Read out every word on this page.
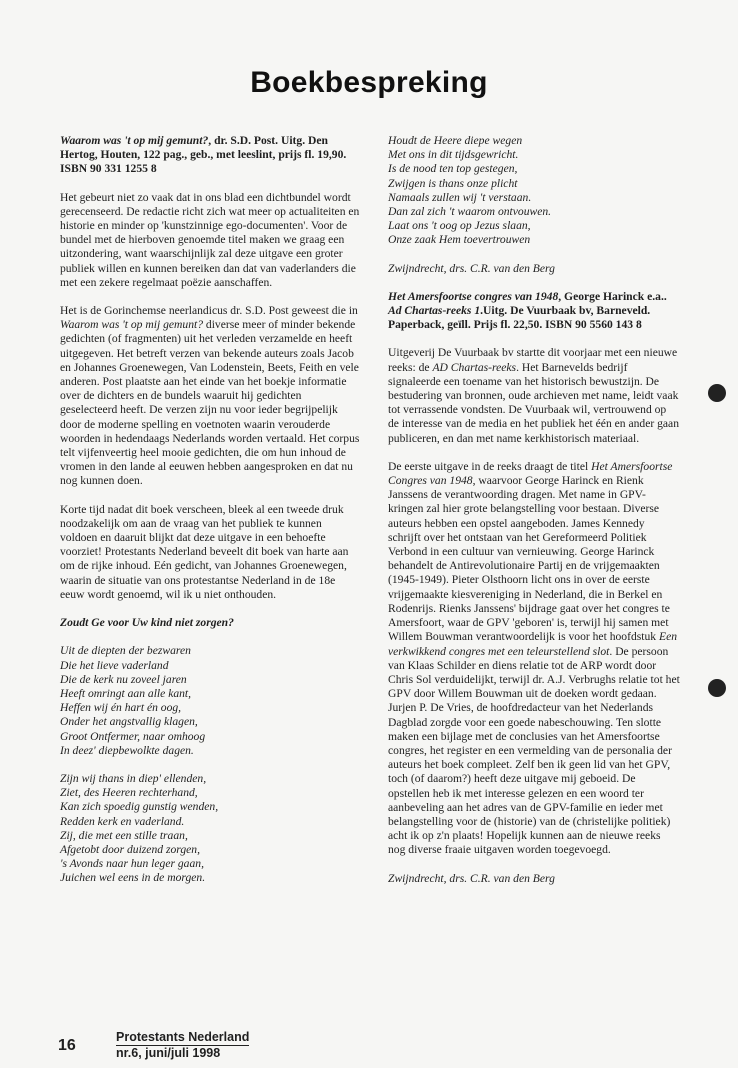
Boekbespreking

Waarom was 't op mij gemunt?, dr. S.D. Post. Uitg. Den Hertog, Houten, 122 pag., geb., met leeslint, prijs fl. 19,90. ISBN 90 331 1255 8

Het gebeurt niet zo vaak dat in ons blad een dichtbundel wordt gerecenseerd. De redactie richt zich wat meer op actualiteiten en historie en minder op 'kunstzinnige ego-documenten'. Voor de bundel met de hierboven genoemde titel maken we graag een uitzondering, want waarschijnlijk zal deze uitgave een groter publiek willen en kunnen bereiken dan dat van vaderlanders die met een zekere regelmaat poëzie aanschaffen.

Het is de Gorinchemse neerlandicus dr. S.D. Post geweest die in Waarom was 't op mij gemunt? diverse meer of minder bekende gedichten (of fragmenten) uit het verleden verzamelde en heeft uitgegeven. Het betreft verzen van bekende auteurs zoals Jacob en Johannes Groenewegen, Van Lodenstein, Beets, Feith en vele anderen. Post plaatste aan het einde van het boekje informatie over de dichters en de bundels waaruit hij gedichten geselecteerd heeft. De verzen zijn nu voor ieder begrijpelijk door de moderne spelling en voetnoten waarin verouderde woorden in hedendaags Nederlands worden vertaald. Het corpus telt vijfenveertig heel mooie gedichten, die om hun inhoud de vromen in den lande al eeuwen hebben aangesproken en dat nu nog kunnen doen.

Korte tijd nadat dit boek verscheen, bleek al een tweede druk noodzakelijk om aan de vraag van het publiek te kunnen voldoen en daaruit blijkt dat deze uitgave in een behoefte voorziet! Protestants Nederland beveelt dit boek van harte aan om de rijke inhoud. Eén gedicht, van Johannes Groenewegen, waarin de situatie van ons protestantse Nederland in de 18e eeuw wordt genoemd, wil ik u niet onthouden.

Zoudt Ge voor Uw kind niet zorgen?

Uit de diepten der bezwaren
Die het lieve vaderland
Die de kerk nu zoveel jaren
Heeft omringt aan alle kant,
Heffen wij én hart én oog,
Onder het angstvallig klagen,
Groot Ontfermer, naar omhoog
In deez' diepbewolkte dagen.
Zijn wij thans in diep' ellenden,
Ziet, des Heeren rechterhand,
Kan zich spoedig gunstig wenden,
Redden kerk en vaderland.
Zij, die met een stille traan,
Afgetobt door duizend zorgen,
's Avonds naar hun leger gaan,
Juichen wel eens in de morgen.
Houdt de Heere diepe wegen
Met ons in dit tijdsgewricht.
Is de nood ten top gestegen,
Zwijgen is thans onze plicht
Namaals zullen wij 't verstaan.
Dan zal zich 't waarom ontvouwen.
Laat ons 't oog op Jezus slaan,
Onze zaak Hem toevertrouwen

Zwijndrecht, drs. C.R. van den Berg

Het Amersfoortse congres van 1948, George Harinck e.a.. Ad Chartas-reeks 1.Uitg. De Vuurbaak bv, Barneveld. Paperback, geïll. Prijs fl. 22,50. ISBN 90 5560 143 8

Uitgeverij De Vuurbaak bv startte dit voorjaar met een nieuwe reeks: de AD Chartas-reeks. Het Barnevelds bedrijf signaleerde een toename van het historisch bewustzijn. De bestudering van bronnen, oude archieven met name, leidt vaak tot verrassende vondsten. De Vuurbaak wil, vertrouwend op de interesse van de media en het publiek het één en ander gaan publiceren, en dan met name kerkhistorisch materiaal.

De eerste uitgave in de reeks draagt de titel Het Amersfoortse Congres van 1948, waarvoor George Harinck en Rienk Janssens de verantwoording dragen. Met name in GPV-kringen zal hier grote belangstelling voor bestaan. Diverse auteurs hebben een opstel aangeboden. James Kennedy schrijft over het ontstaan van het Gereformeerd Politiek Verbond in een cultuur van vernieuwing. George Harinck behandelt de Antirevolutionaire Partij en de vrijgemaakten (1945-1949). Pieter Olsthoorn licht ons in over de eerste vrijgemaakte kiesvereniging in Nederland, die in Berkel en Rodenrijs. Rienks Janssens' bijdrage gaat over het congres te Amersfoort, waar de GPV 'geboren' is, terwijl hij samen met Willem Bouwman verantwoordelijk is voor het hoofdstuk Een verkwikkend congres met een teleurstellend slot. De persoon van Klaas Schilder en diens relatie tot de ARP wordt door Chris Sol verduidelijkt, terwijl dr. A.J. Verbrughs relatie tot het GPV door Willem Bouwman uit de doeken wordt gedaan. Jurjen P. De Vries, de hoofdredacteur van het Nederlands Dagblad zorgde voor een goede nabeschouwing. Ten slotte maken een bijlage met de conclusies van het Amersfoortse congres, het register en een vermelding van de personalia der auteurs het boek compleet. Zelf ben ik geen lid van het GPV, toch (of daarom?) heeft deze uitgave mij geboeid. De opstellen heb ik met interesse gelezen en een woord ter aanbeveling aan het adres van de GPV-familie en ieder met belangstelling voor de (historie) van de (christelijke politiek) acht ik op z'n plaats! Hopelijk kunnen aan de nieuwe reeks nog diverse fraaie uitgaven worden toegevoegd.

Zwijndrecht, drs. C.R. van den Berg

16	Protestants Nederland
nr.6, juni/juli 1998
